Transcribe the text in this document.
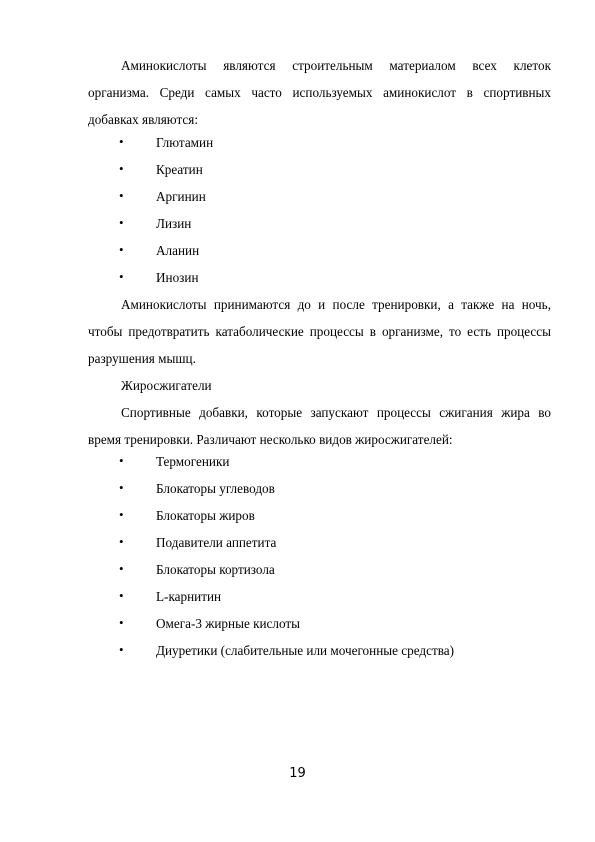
Аминокислоты являются строительным материалом всех клеток
организма. Среди самых часто используемых аминокислот в спортивных
добавках являются:
• Глютамин
• Креатин
• Аргинин
• Лизин
• Аланин
• Инозин
Аминокислоты принимаются до и после тренировки, а также на ночь,
чтобы предотвратить катаболические процессы в организме, то есть процессы
разрушения мышц.
Жиросжигатели
Спортивные добавки, которые запускают процессы сжигания жира во
время тренировки. Различают несколько видов жиросжигателей:
• Термогеники
• Блокаторы углеводов
• Блокаторы жиров
• Подавители аппетита
• Блокаторы кортизола
• L-карнитин
• Омега-3 жирные кислоты
• Диуретики (слабительные или мочегонные средства)
19
